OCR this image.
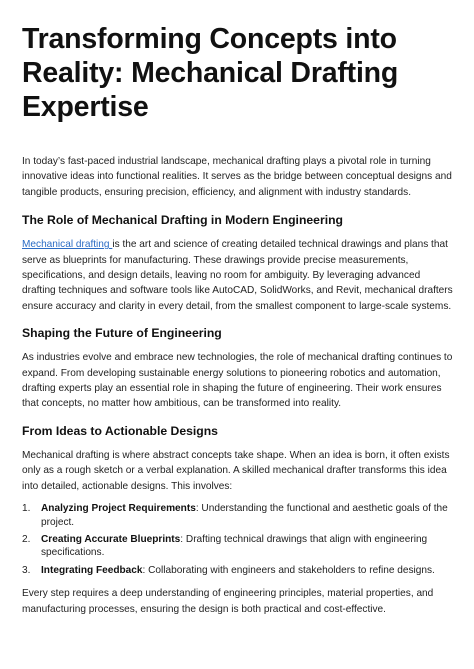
Transforming Concepts into Reality: Mechanical Drafting Expertise

In today’s fast-paced industrial landscape, mechanical drafting plays a pivotal role in turning innovative ideas into functional realities. It serves as the bridge between conceptual designs and tangible products, ensuring precision, efficiency, and alignment with industry standards.

The Role of Mechanical Drafting in Modern Engineering

Mechanical drafting is the art and science of creating detailed technical drawings and plans that serve as blueprints for manufacturing. These drawings provide precise measurements, specifications, and design details, leaving no room for ambiguity. By leveraging advanced drafting techniques and software tools like AutoCAD, SolidWorks, and Revit, mechanical drafters ensure accuracy and clarity in every detail, from the smallest component to large-scale systems.

Shaping the Future of Engineering

As industries evolve and embrace new technologies, the role of mechanical drafting continues to expand. From developing sustainable energy solutions to pioneering robotics and automation, drafting experts play an essential role in shaping the future of engineering. Their work ensures that concepts, no matter how ambitious, can be transformed into reality.

From Ideas to Actionable Designs

Mechanical drafting is where abstract concepts take shape. When an idea is born, it often exists only as a rough sketch or a verbal explanation. A skilled mechanical drafter transforms this idea into detailed, actionable designs. This involves:

1. Analyzing Project Requirements: Understanding the functional and aesthetic goals of the project.
2. Creating Accurate Blueprints: Drafting technical drawings that align with engineering specifications.
3. Integrating Feedback: Collaborating with engineers and stakeholders to refine designs.

Every step requires a deep understanding of engineering principles, material properties, and manufacturing processes, ensuring the design is both practical and cost-effective.
